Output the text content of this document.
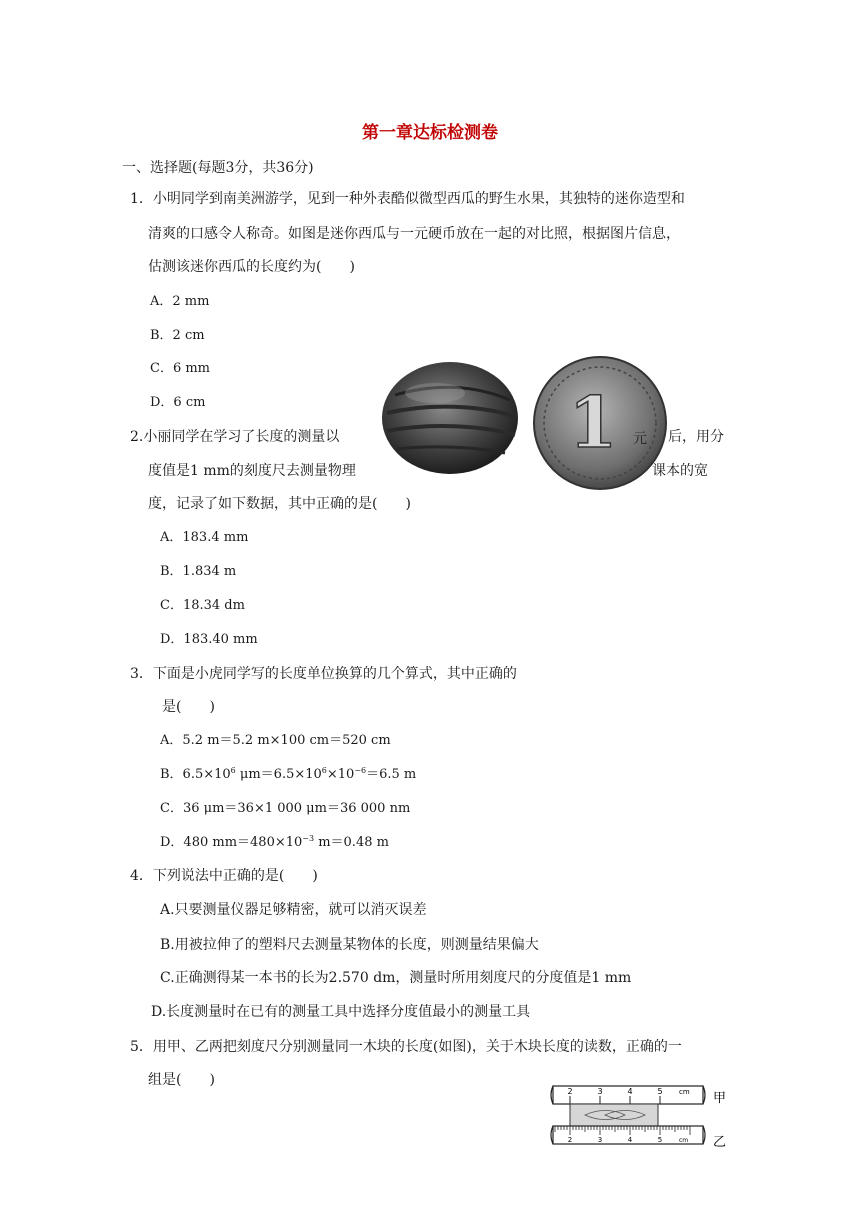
第一章达标检测卷
一、选择题(每题3分，共36分)
1．小明同学到南美洲游学，见到一种外表酷似微型西瓜的野生水果，其独特的迷你造型和
清爽的口感令人称奇。如图是迷你西瓜与一元硬币放在一起的对比照，根据图片信息，
估测该迷你西瓜的长度约为(　　)
A．2 mm
B．2 cm
C．6 mm
D．6 cm	1 元
2.小丽同学在学习了长度的测量以	后，用分
度值是1 mm的刻度尺去测量物理	课本的宽
度，记录了如下数据，其中正确的是(　　)
A．183.4 mm
B．1.834 m
C．18.34 dm
D．183.40 mm
3．下面是小虎同学写的长度单位换算的几个算式，其中正确的
是(　　)
A．5.2 m＝5.2 m×100 cm＝520 cm
B．$6.5\times 10^6$ $\mu m=6.5\times 10^6\times 10^{-6}=6.5$ m
C．36 μm＝36×1 000 μm＝36 000 nm
D．480 $mm=480\times 10^{-3}$ m＝0.48 m
4．下列说法中正确的是(　　)
A.只要测量仪器足够精密，就可以消灭误差
B.用被拉伸了的塑料尺去测量某物体的长度，则测量结果偏大
C.正确测得某一本书的长为2.570 dm，测量时所用刻度尺的分度值是1 mm
D.长度测量时在已有的测量工具中选择分度值最小的测量工具
5．用甲、乙两把刻度尺分别测量同一木块的长度(如图)，关于木块长度的读数，正确的一
组是(　　)
2	3	4	5 cm 甲
2	3	4	5	cm 乙
